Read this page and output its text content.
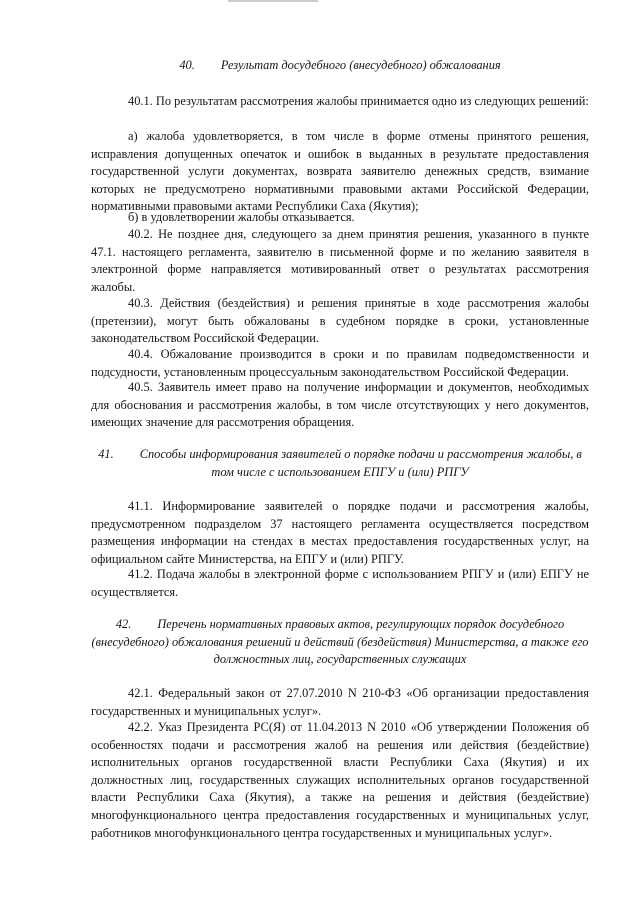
40. Результат досудебного (внесудебного) обжалования

40.1. По результатам рассмотрения жалобы принимается одно из следующих решений:

а) жалоба удовлетворяется, в том числе в форме отмены принятого решения, исправления допущенных опечаток и ошибок в выданных в результате предоставления государственной услуги документах, возврата заявителю денежных средств, взимание которых не предусмотрено нормативными правовыми актами Российской Федерации, нормативными правовыми актами Республики Саха (Якутия);

б) в удовлетворении жалобы отказывается.

40.2. Не позднее дня, следующего за днем принятия решения, указанного в пункте 47.1. настоящего регламента, заявителю в письменной форме и по желанию заявителя в электронной форме направляется мотивированный ответ о результатах рассмотрения жалобы.

40.3. Действия (бездействия) и решения принятые в ходе рассмотрения жалобы (претензии), могут быть обжалованы в судебном порядке в сроки, установленные законодательством Российской Федерации.

40.4. Обжалование производится в сроки и по правилам подведомственности и подсудности, установленным процессуальным законодательством Российской Федерации.

40.5. Заявитель имеет право на получение информации и документов, необходимых для обоснования и рассмотрения жалобы, в том числе отсутствующих у него документов, имеющих значение для рассмотрения обращения.

41. Способы информирования заявителей о порядке подачи и рассмотрения жалобы, в том числе с использованием ЕПГУ и (или) РПГУ

41.1. Информирование заявителей о порядке подачи и рассмотрения жалобы, предусмотренном подразделом 37 настоящего регламента осуществляется посредством размещения информации на стендах в местах предоставления государственных услуг, на официальном сайте Министерства, на ЕПГУ и (или) РПГУ.

41.2. Подача жалобы в электронной форме с использованием РПГУ и (или) ЕПГУ не осуществляется.

42. Перечень нормативных правовых актов, регулирующих порядок досудебного (внесудебного) обжалования решений и действий (бездействия) Министерства, а также его должностных лиц, государственных служащих

42.1. Федеральный закон от 27.07.2010 N 210-ФЗ «Об организации предоставления государственных и муниципальных услуг».

42.2. Указ Президента РС(Я) от 11.04.2013 N 2010 «Об утверждении Положения об особенностях подачи и рассмотрения жалоб на решения или действия (бездействие) исполнительных органов государственной власти Республики Саха (Якутия) и их должностных лиц, государственных служащих исполнительных органов государственной власти Республики Саха (Якутия), а также на решения и действия (бездействие) многофункционального центра предоставления государственных и муниципальных услуг, работников многофункционального центра государственных и муниципальных услуг».
